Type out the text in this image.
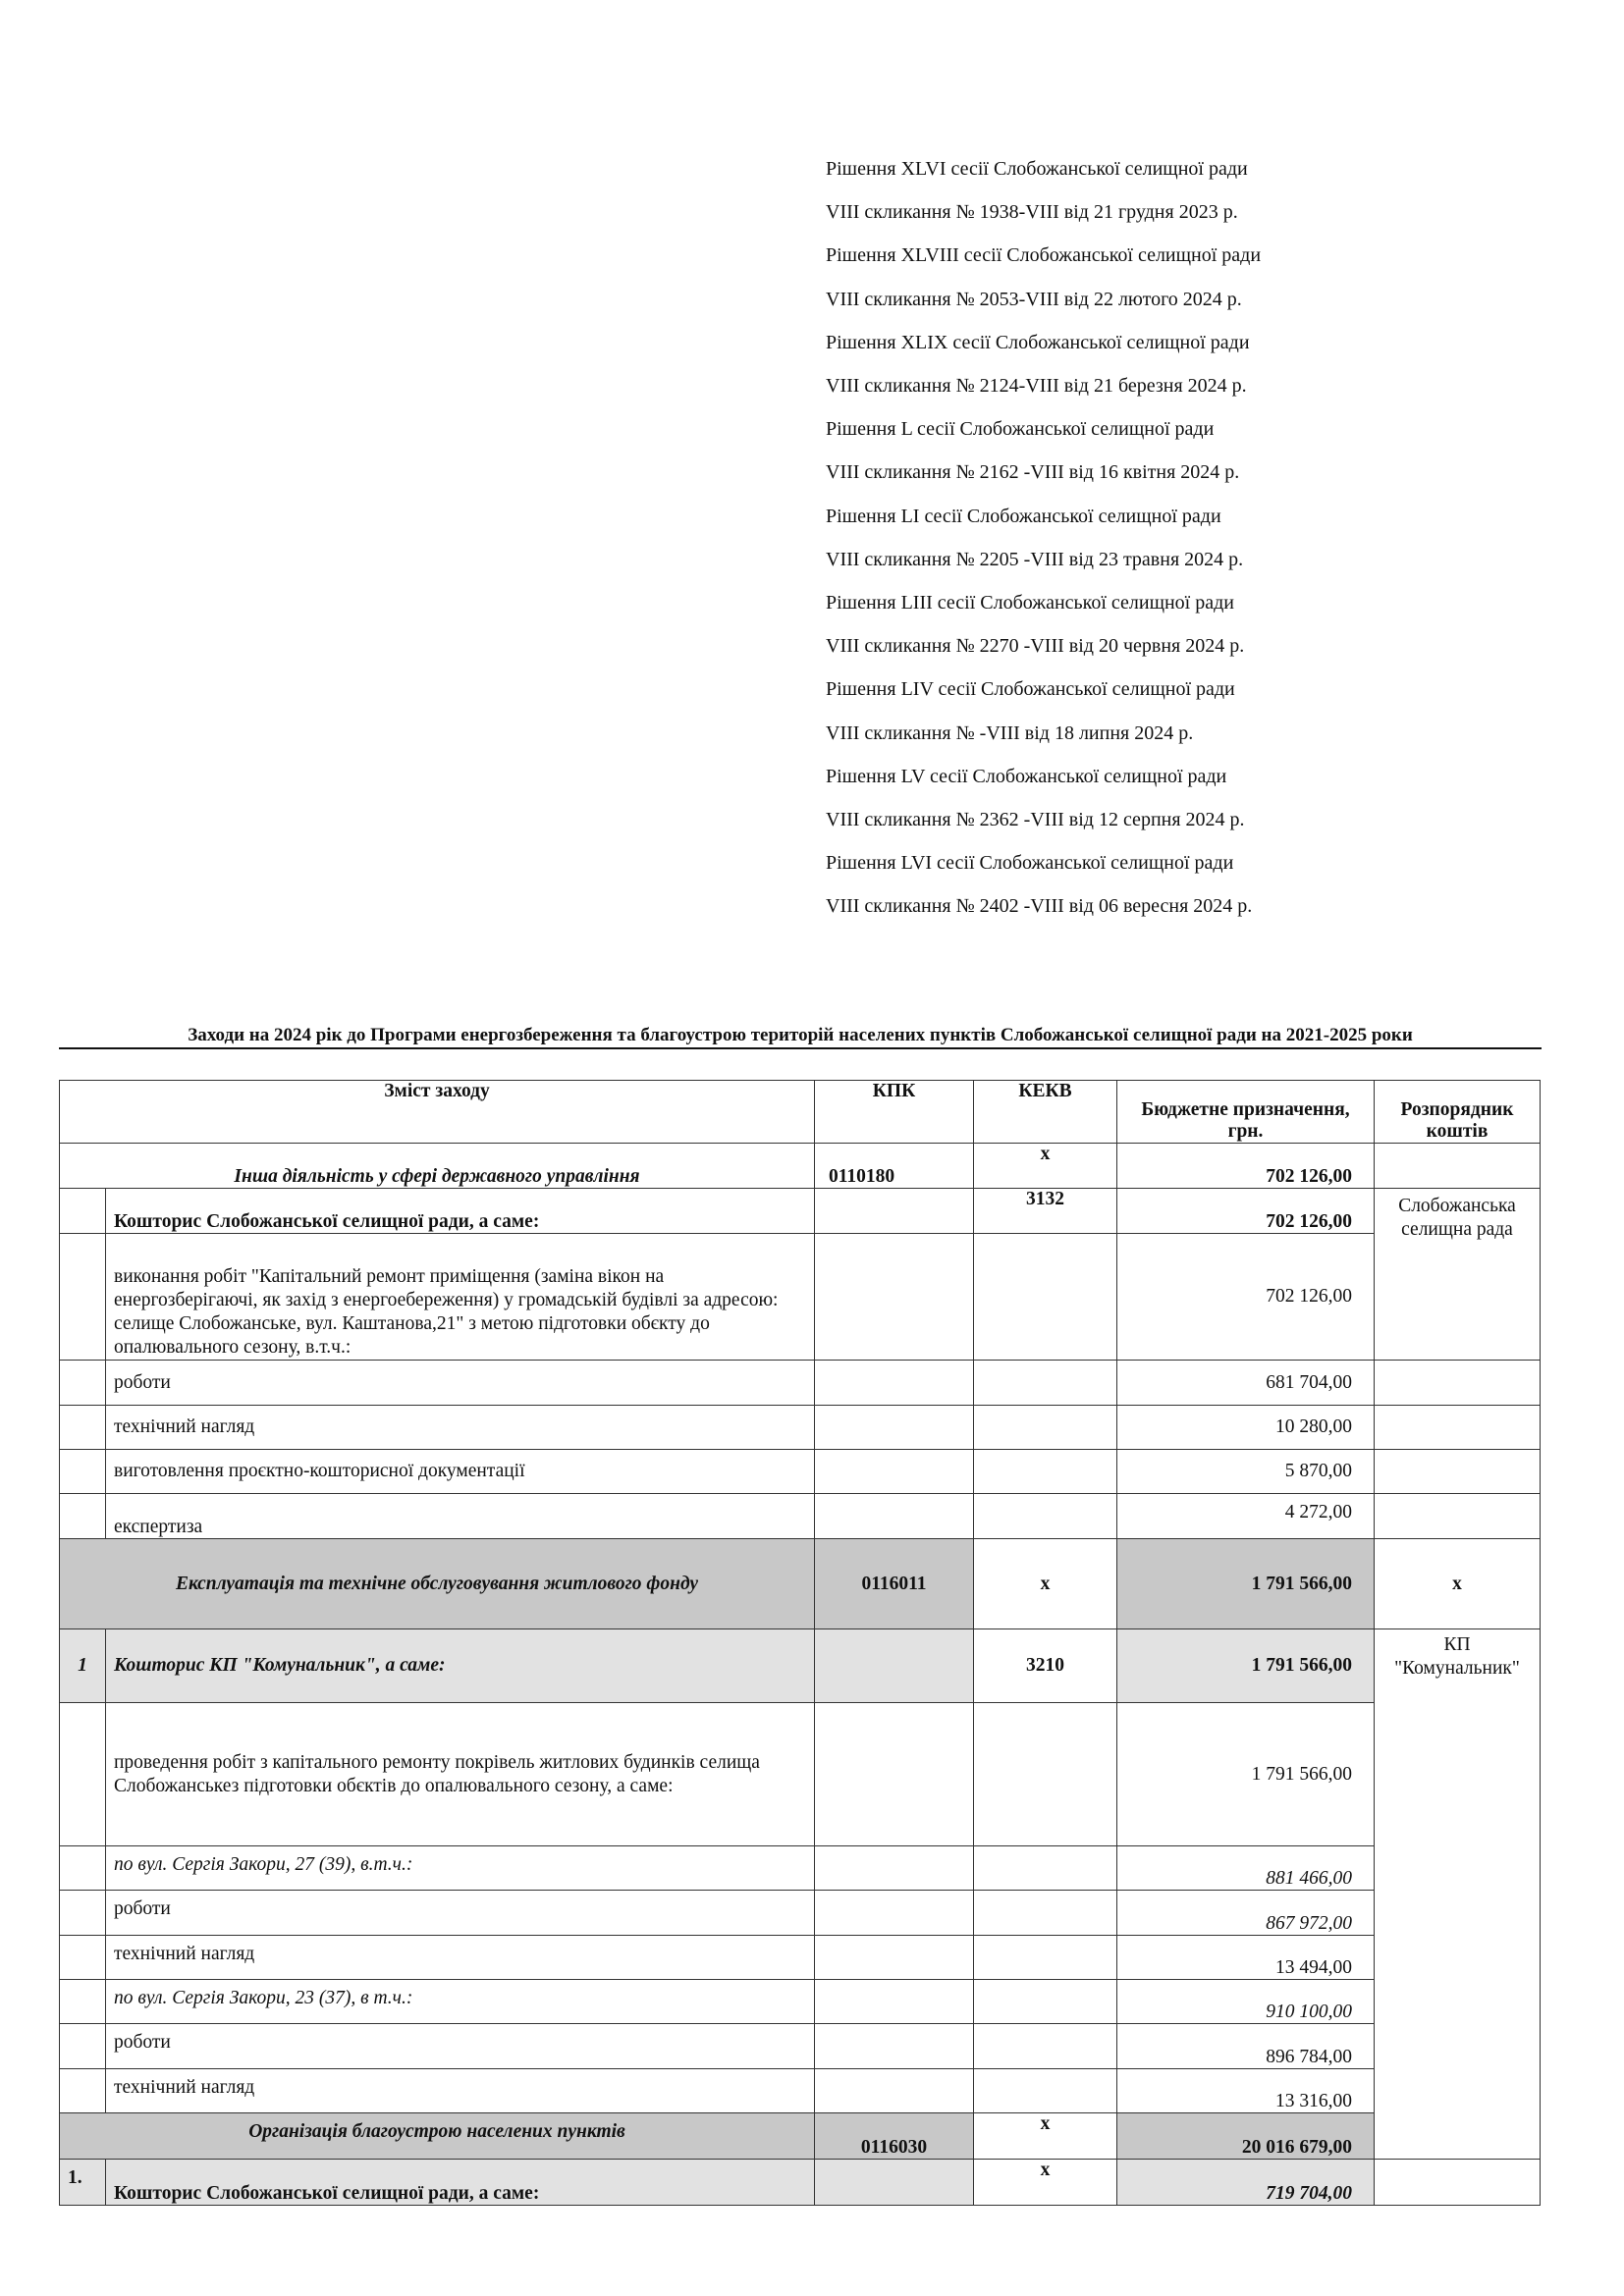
Рішення XLVI сесії Слобожанської селищної ради
VIII скликання № 1938-VIII від 21 грудня 2023 р.
Рішення XLVIII сесії Слобожанської селищної ради
VIII скликання № 2053-VIII від 22 лютого 2024 р.
Рішення XLIX сесії Слобожанської селищної ради
VIII скликання № 2124-VIII від 21 березня 2024 р.
Рішення L сесії Слобожанської селищної ради
VIII скликання № 2162 -VIII від 16 квітня 2024 р.
Рішення LI сесії Слобожанської селищної ради
VIII скликання № 2205 -VIII від 23 травня 2024 р.
Рішення LIII сесії Слобожанської селищної ради
VIII скликання № 2270 -VIII від 20 червня 2024 р.
Рішення LIV сесії Слобожанської селищної ради
VIII скликання № -VIII від 18 липня 2024 р.
Рішення LV сесії Слобожанської селищної ради
VIII скликання № 2362 -VIII від 12 серпня 2024 р.
Рішення LVI сесії Слобожанської селищної ради
VIII скликання № 2402 -VIII від 06 вересня 2024 р.
Заходи на 2024 рік до Програми енергозбереження та благоустрою територій населених пунктів Слобожанської селищної ради на 2021-2025 роки
Зміст заходу		КПК	КЕКВ	Бюджетне призначення, грн.	Розпорядник коштів	
Інша діяльність у сфері державного управління		0110180	х	702 126,00		
	Кошторис Слобожанської селищної ради, а саме:		3132	702 126,00	Слобожанська селищна рада	
	виконання робіт "Капітальний ремонт приміщення (заміна вікон на енергозберігаючі, як захід з енергоебереження) у громадській будівлі за адресою: селище Слобожанське, вул. Каштанова,21" з метою підготовки обєкту до опалювального сезону, в.т.ч.:			702 126,00		
	роботи			681 704,00		
	технічний нагляд			10 280,00		
	виготовлення проєктно-кошторисної документації			5 870,00		
	експертиза			4 272,00		
Експлуатація та технічне обслуговування житлового фонду		0116011	х	1 791 566,00	х	
1	Кошторис КП "Комунальник", а саме:		3210	1 791 566,00	КП "Комунальник"	
	проведення робіт з капітального ремонту покрівель житлових будинків селища Слобожанськез підготовки обєктів до опалювального сезону, а саме:			1 791 566,00		
	по вул. Сергія Закори, 27 (39), в.т.ч.:			881 466,00		
	роботи			867 972,00		
	технічний нагляд			13 494,00		
	по вул. Сергія Закори, 23 (37), в т.ч.:			910 100,00		
	роботи			896 784,00		
	технічний нагляд			13 316,00		
Організація благоустрою населених пунктів		0116030	х	20 016 679,00	
1.	Кошторис Слобожанської селищної ради, а саме:		х	719 704,00		
